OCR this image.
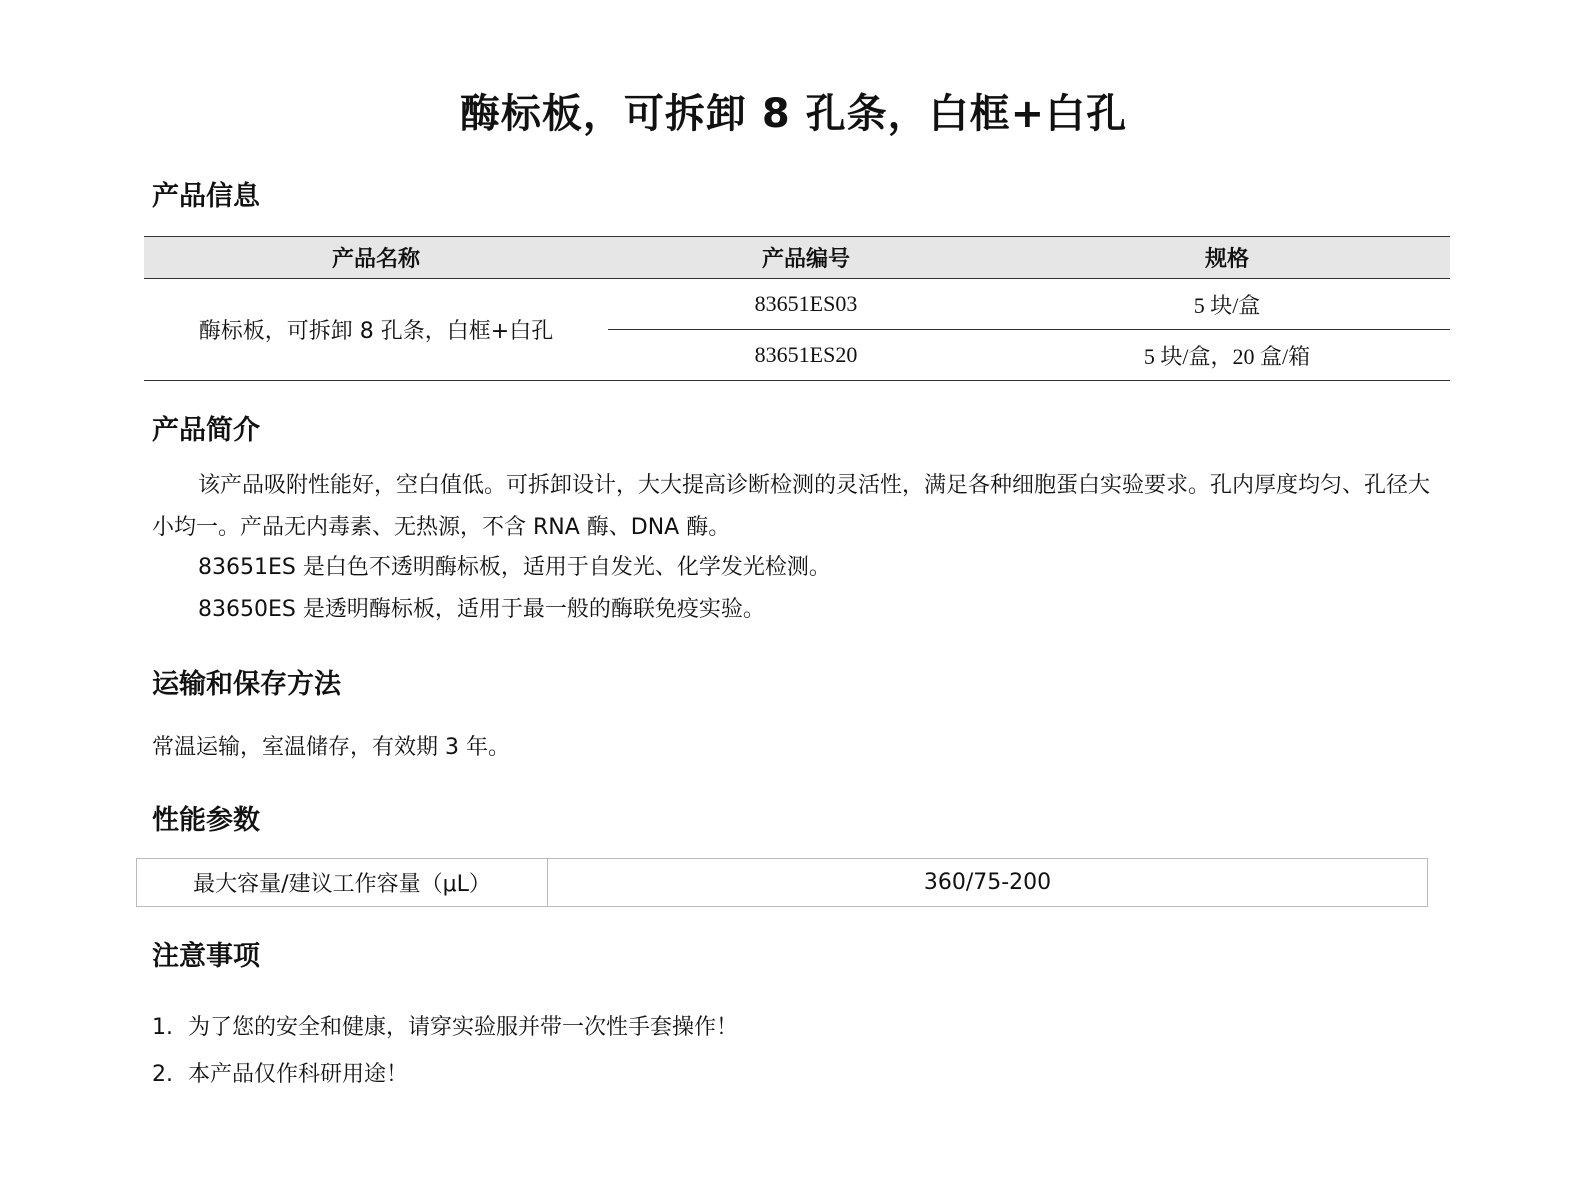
酶标板，可拆卸 8 孔条，白框+白孔
产品信息
产品名称	产品编号	规格
酶标板，可拆卸 8 孔条，白框+白孔	83651ES03	5 块/盒
	83651ES20	5 块/盒，20 盒/箱
产品简介
该产品吸附性能好，空白值低。可拆卸设计，大大提高诊断检测的灵活性，满足各种细胞蛋白实验要求。孔内厚度均匀、孔径大小均一。产品无内毒素、无热源，不含 RNA 酶、DNA 酶。
83651ES 是白色不透明酶标板，适用于自发光、化学发光检测。
83650ES 是透明酶标板，适用于最一般的酶联免疫实验。
运输和保存方法
常温运输，室温储存，有效期 3 年。
性能参数
最大容量/建议工作容量（μL）	360/75-200
注意事项
1. 为了您的安全和健康，请穿实验服并带一次性手套操作！
2. 本产品仅作科研用途！
